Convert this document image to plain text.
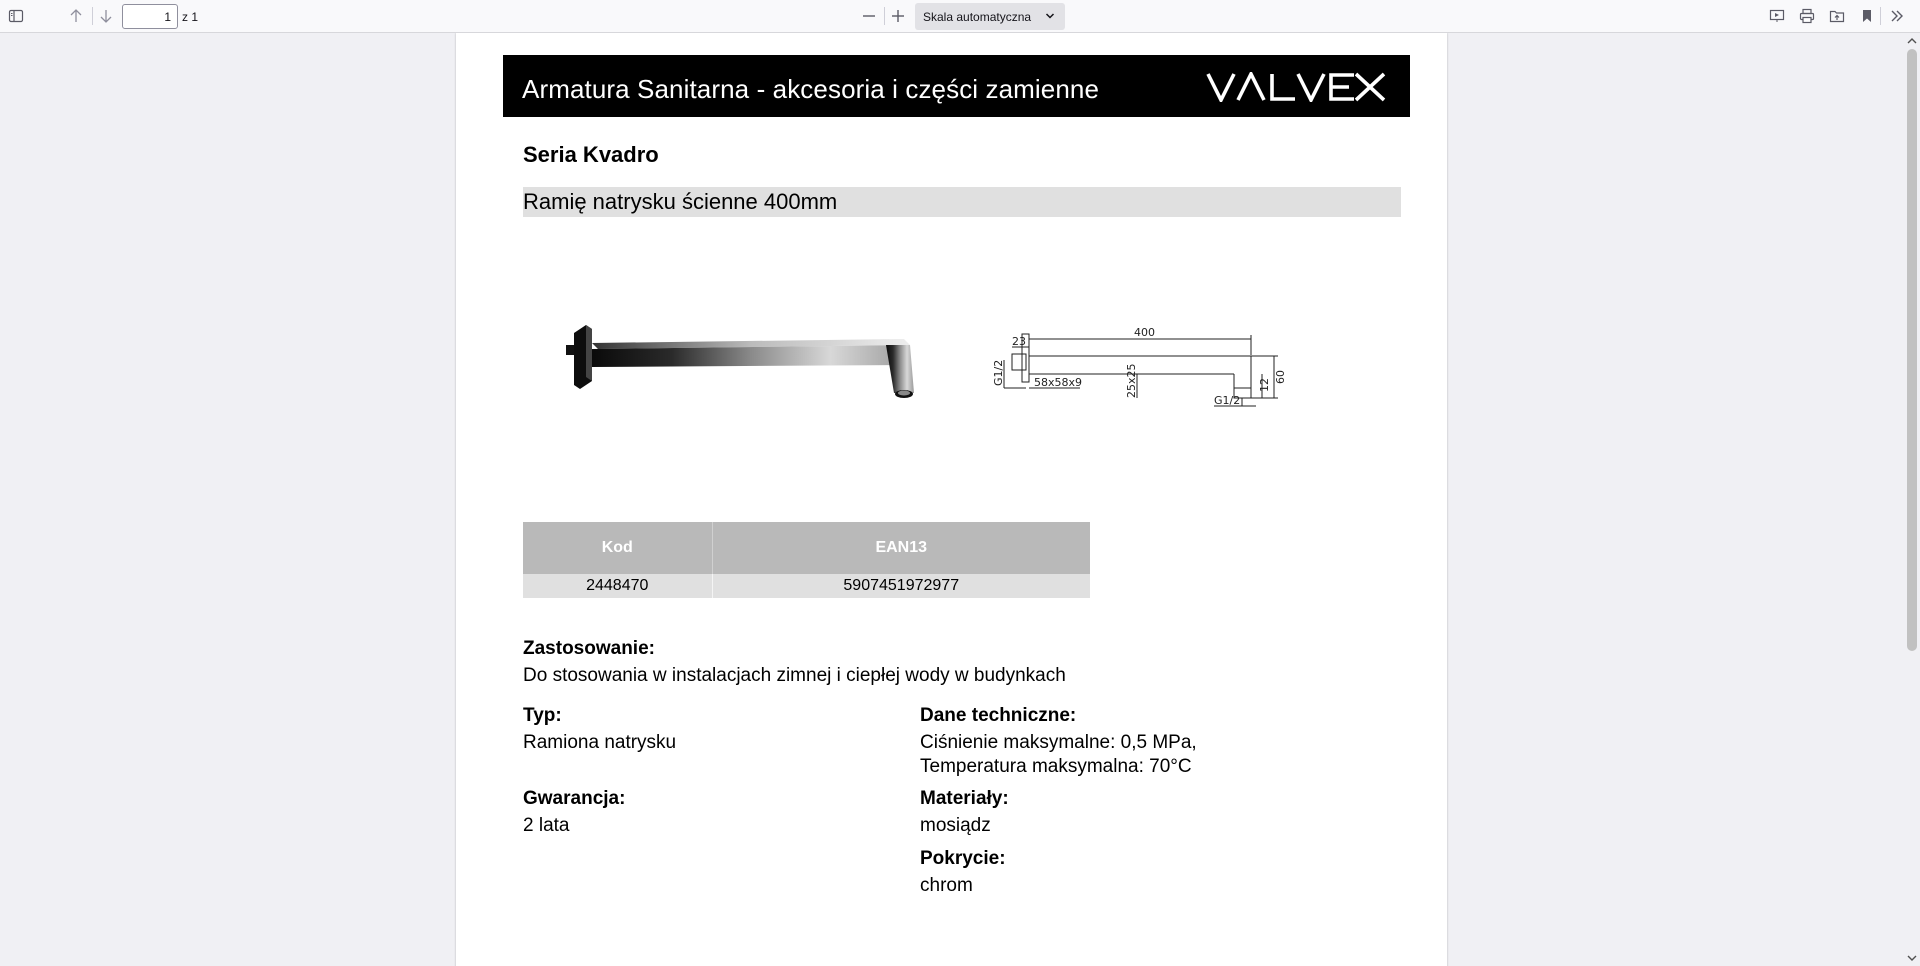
1
z 1	Skala automatyczna
Armatura Sanitarna - akcesoria i części zamienne
Seria Kvadro
Ramię natrysku ścienne 400mm
400
23
G1/2	58x58x9	25x25
G1/2
12
60
Kod	EAN13
2448470	5907451972977
Zastosowanie:
Do stosowania w instalacjach zimnej i ciepłej wody w budynkach
Typ:
Ramiona natrysku
Dane techniczne:
Ciśnienie maksymalne: 0,5 MPa,
Temperatura maksymalna: 70°C
Gwarancja:
2 lata
Materiały:
mosiądz
Pokrycie:
chrom
